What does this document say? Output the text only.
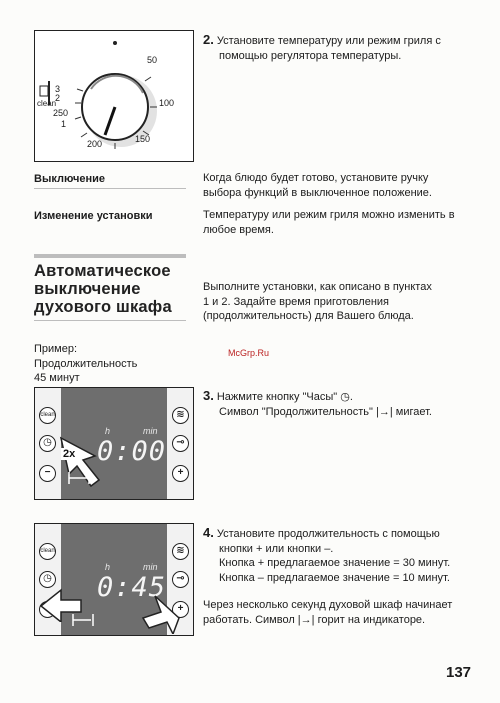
50
100
150
200
250
1
2
3
clean
2. Установите температуру или режим гриля с
помощью регулятора температуры.
Выключение	Когда блюдо будет готово, установите ручку
выбора функций в выключенное положение.
Изменение установки	Температуру или режим гриля можно изменить в
любое время.
Автоматическое
выключение
духового шкафа
Выполните установки, как описано в пунктах
1 и 2. Задайте время приготовления
(продолжительность) для Вашего блюда.
Пример:
Продолжительность
45 минут
McGrp.Ru
clean
◷
−
≋
⊸
+
h	min
0:00
2x
3. Нажмите кнопку "Часы" ◷.
Символ "Продолжительность" |→| мигает.
clean
◷
≋
⊸
+
h	min
0:45
4. Установите продолжительность с помощью
кнопки + или кнопки –.
Кнопка + предлагаемое значение = 30 минут.
Кнопка – предлагаемое значение = 10 минут.
Через несколько секунд духовой шкаф начинает
работать. Символ |→| горит на индикаторе.
137
